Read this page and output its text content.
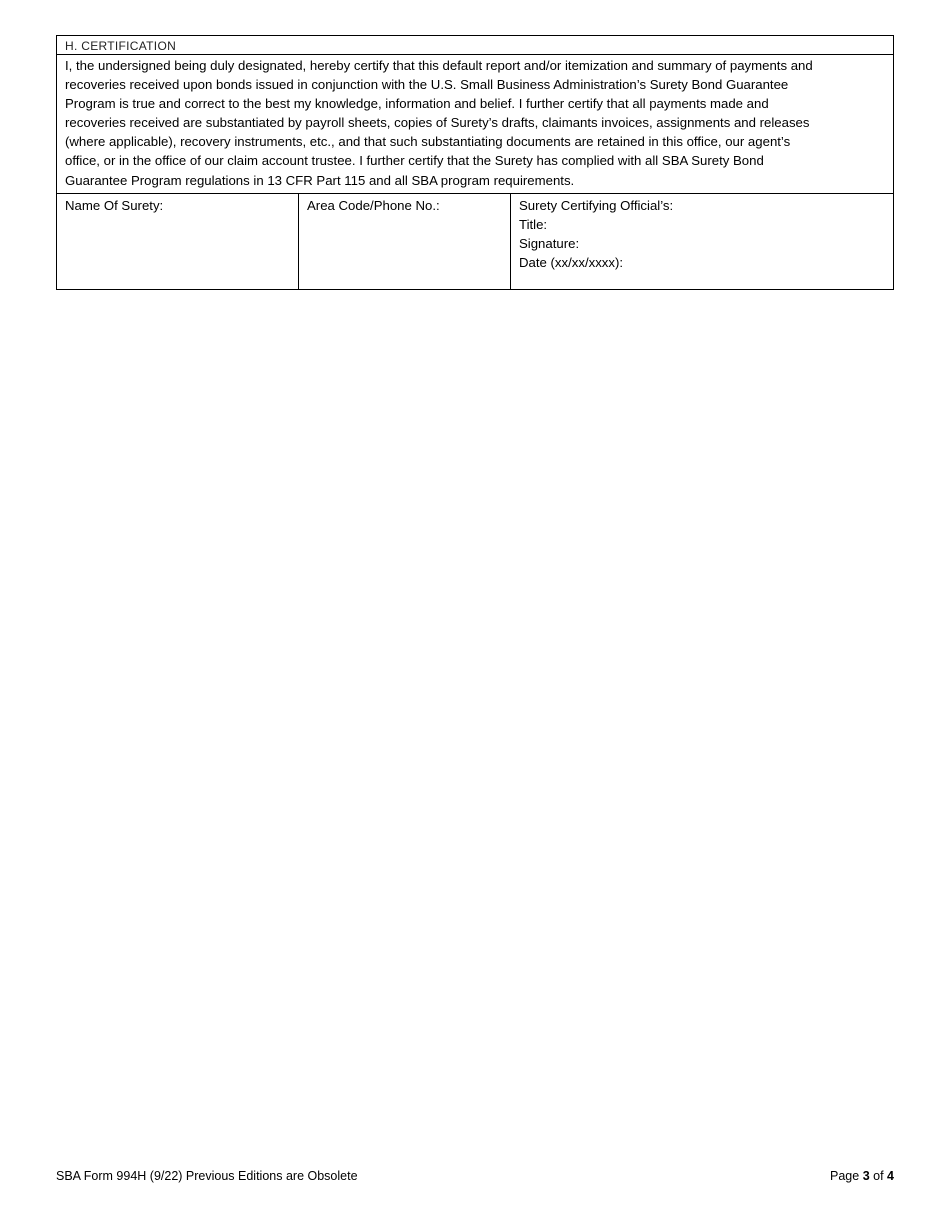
H. CERTIFICATION
I, the undersigned being duly designated, hereby certify that this default report and/or itemization and summary of payments and
recoveries received upon bonds issued in conjunction with the U.S. Small Business Administration’s Surety Bond Guarantee
Program is true and correct to the best my knowledge, information and belief. I further certify that all payments made and
recoveries received are substantiated by payroll sheets, copies of Surety’s drafts, claimants invoices, assignments and releases
(where applicable), recovery instruments, etc., and that such substantiating documents are retained in this office, our agent’s
office, or in the office of our claim account trustee. I further certify that the Surety has complied with all SBA Surety Bond
Guarantee Program regulations in 13 CFR Part 115 and all SBA program requirements.
Name Of Surety:	Area Code/Phone No.:	Surety Certifying Official’s:
Title:
Signature:
Date (xx/xx/xxxx):
SBA Form 994H (9/22) Previous Editions are Obsolete	Page 3 of 4
